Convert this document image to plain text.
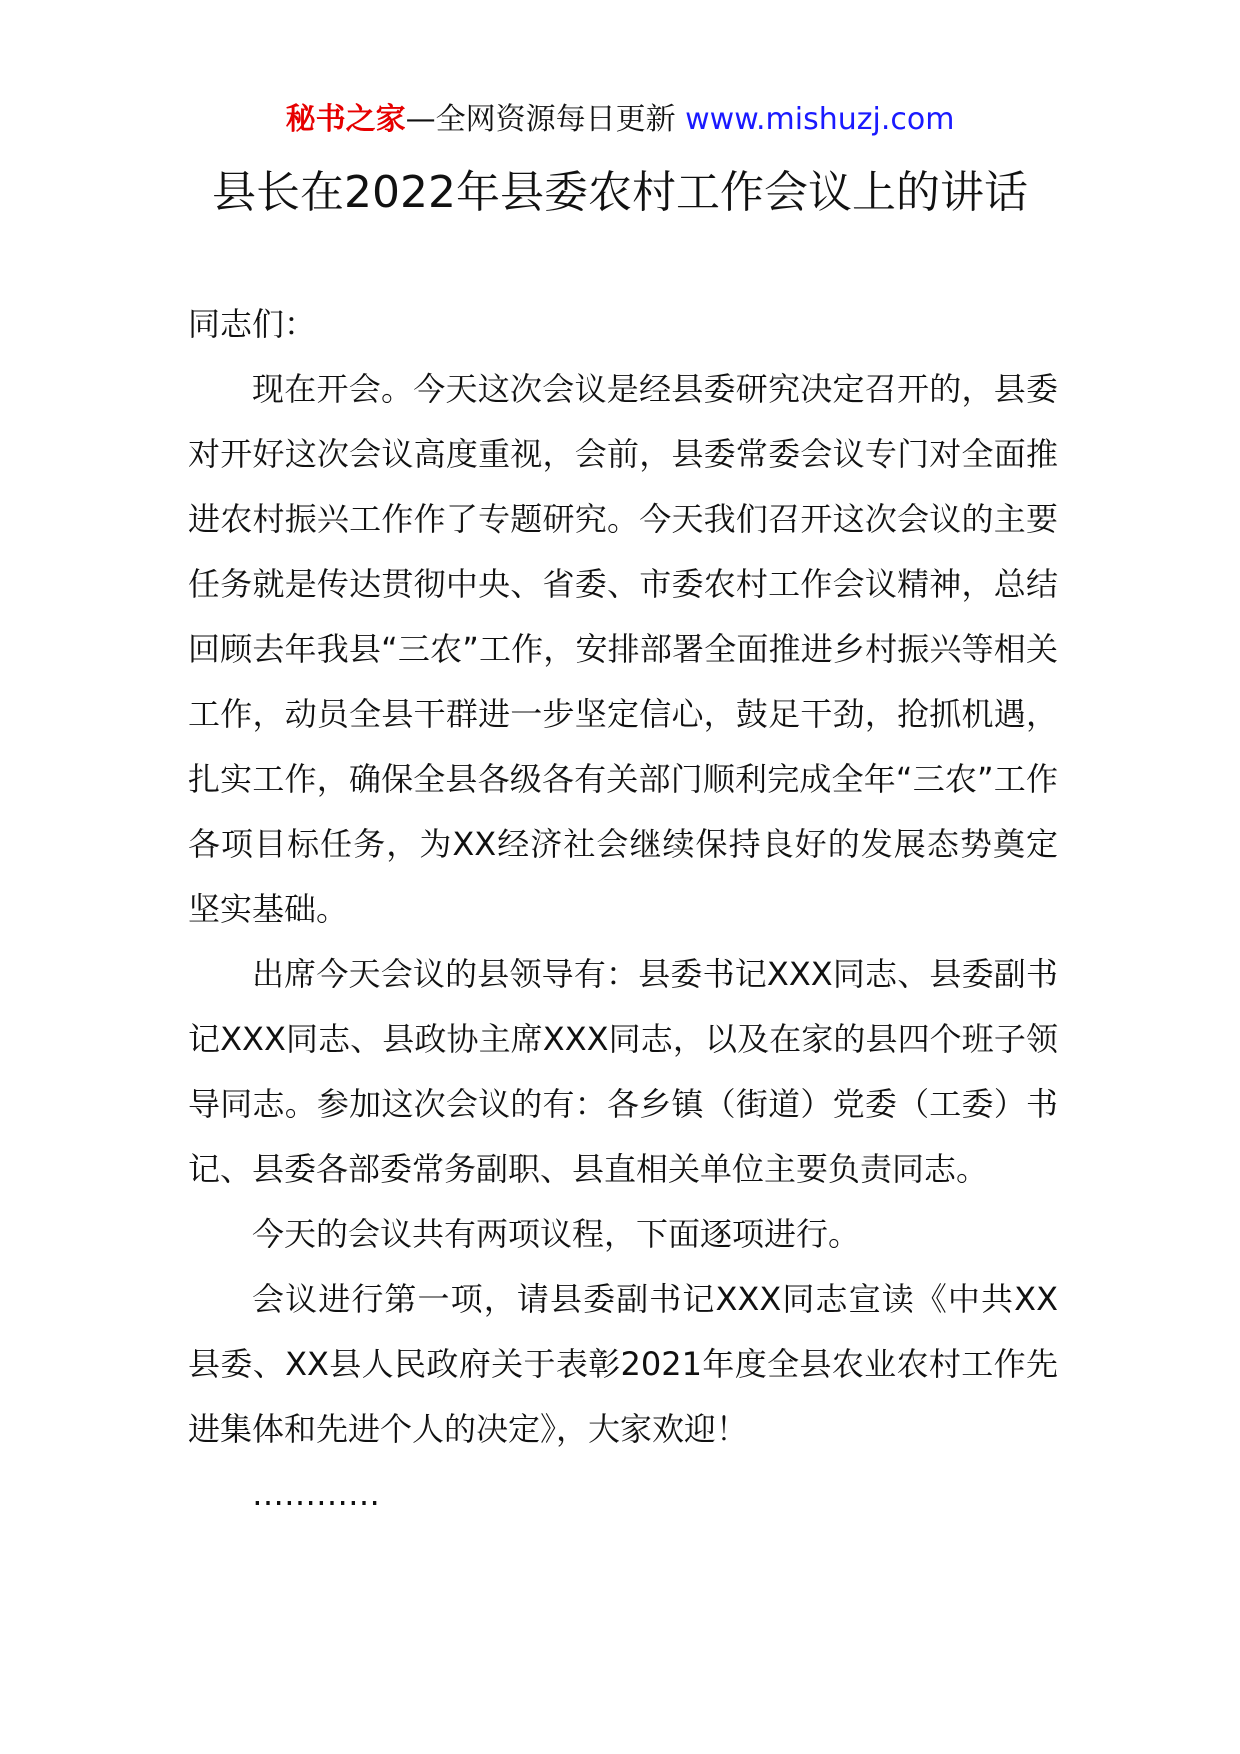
秘书之家—全网资源每日更新 www.mishuzj.com
县长在2022年县委农村工作会议上的讲话

同志们：

现在开会。今天这次会议是经县委研究决定召开的，县委对开好这次会议高度重视，会前，县委常委会议专门对全面推进农村振兴工作作了专题研究。今天我们召开这次会议的主要任务就是传达贯彻中央、省委、市委农村工作会议精神，总结回顾去年我县“三农”工作，安排部署全面推进乡村振兴等相关工作，动员全县干群进一步坚定信心，鼓足干劲，抢抓机遇，扎实工作，确保全县各级各有关部门顺利完成全年“三农”工作各项目标任务，为XX经济社会继续保持良好的发展态势奠定坚实基础。

出席今天会议的县领导有：县委书记XXX同志、县委副书记XXX同志、县政协主席XXX同志，以及在家的县四个班子领导同志。参加这次会议的有：各乡镇（街道）党委（工委）书记、县委各部委常务副职、县直相关单位主要负责同志。

今天的会议共有两项议程，下面逐项进行。

会议进行第一项，请县委副书记XXX同志宣读《中共XX县委、XX县人民政府关于表彰2021年度全县农业农村工作先进集体和先进个人的决定》，大家欢迎！

…………
